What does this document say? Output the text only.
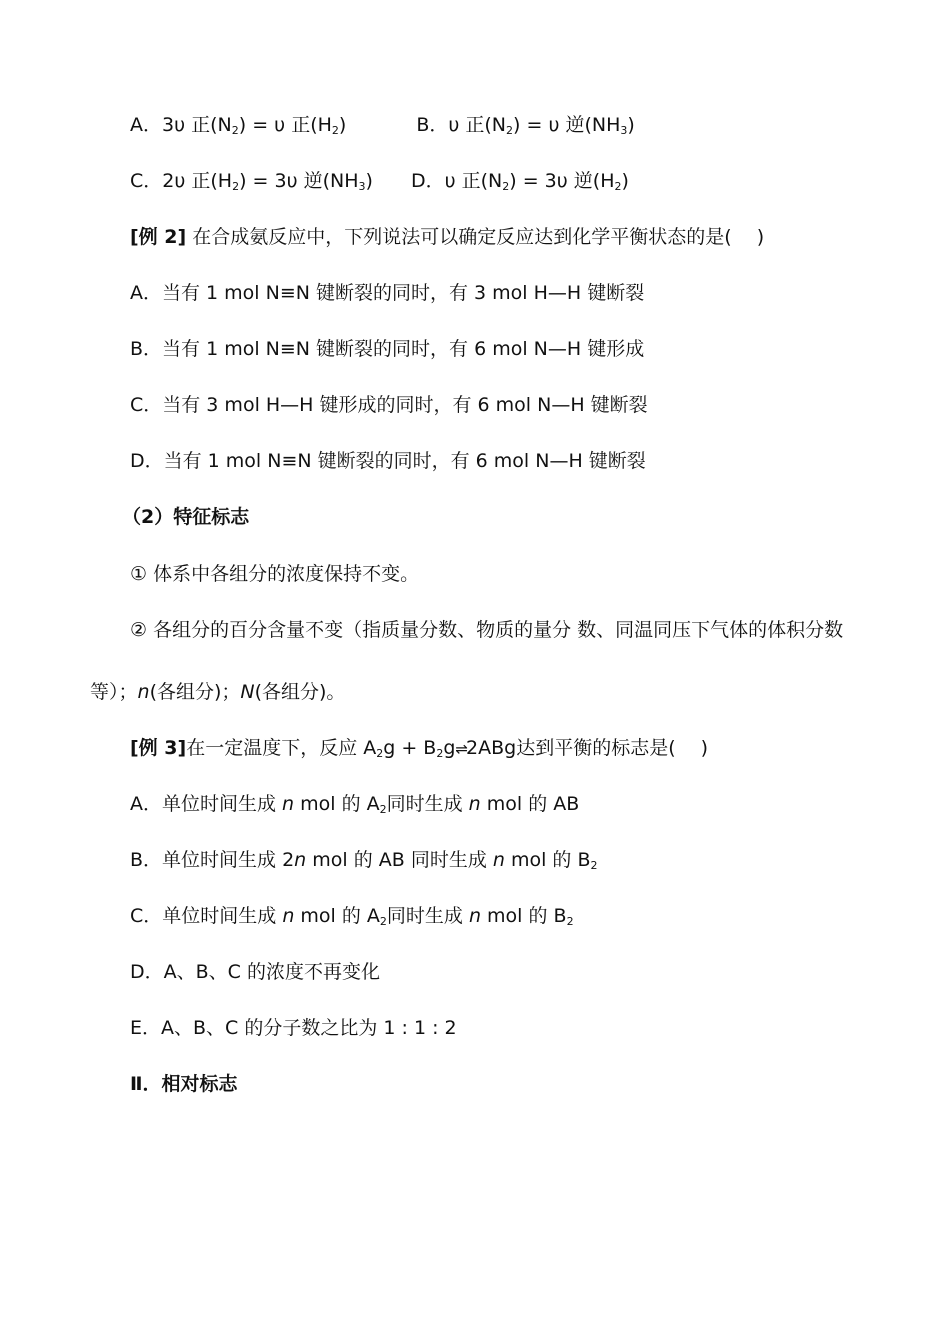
A．3υ 正$(N_2) = \upsilon$ 正$(H_2)$	B．υ 正$(N_2) = \upsilon$ 逆$(NH_3)$
C．2υ 正$(H_2) = 3\upsilon$ 逆$(NH_3)$ D．υ 正$(N_2) = 3\upsilon$ 逆$(H_2)$
[例 2] 在合成氨反应中，下列说法可以确定反应达到化学平衡状态的是(　 )
A．当有 1 mol N≡N 键断裂的同时，有 3 mol H—H 键断裂
B．当有 1 mol N≡N 键断裂的同时，有 6 mol N—H 键形成
C．当有 3 mol H—H 键形成的同时，有 6 mol N—H 键断裂
D．当有 1 mol N≡N 键断裂的同时，有 6 mol N—H 键断裂
（2）特征标志
① 体系中各组分的浓度保持不变。
② 各组分的百分含量不变（指质量分数、物质的量分 数、同温同压下气体的体积分数
等）；n(各组分)；N(各组分)。
[例 3]在一定温度下，反应 $A_2g$ + $B_2g\rightleftharpoons 2ABg$达到平衡的标志是(　 )
A．单位时间生成 n mol 的 $A_2$同时生成 n mol 的 AB
B．单位时间生成 2n mol 的 AB 同时生成 n mol 的 $B_2$
C．单位时间生成 n mol 的 $A_2$同时生成 n mol 的 $B_2$
D．A、B、C 的浓度不再变化
E．A、B、C 的分子数之比为 1 : 1 : 2
Ⅱ．相对标志
